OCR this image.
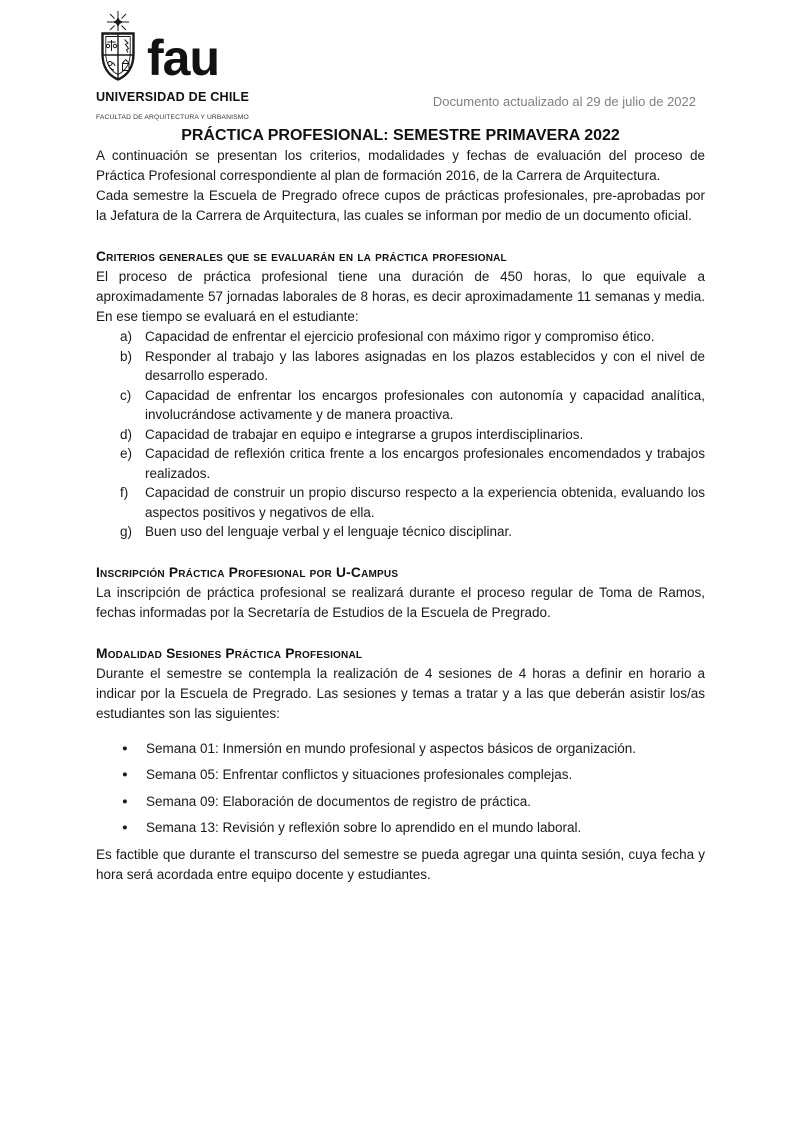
fau
UNIVERSIDAD DE CHILE
FACULTAD DE ARQUITECTURA Y URBANISMO
Documento actualizado al 29 de julio de 2022
PRÁCTICA PROFESIONAL: SEMESTRE PRIMAVERA 2022

A continuación se presentan los criterios, modalidades y fechas de evaluación del proceso de Práctica Profesional correspondiente al plan de formación 2016, de la Carrera de Arquitectura.

Cada semestre la Escuela de Pregrado ofrece cupos de prácticas profesionales, pre-aprobadas por la Jefatura de la Carrera de Arquitectura, las cuales se informan por medio de un documento oficial.

Criterios generales que se evaluarán en la práctica profesional

El proceso de práctica profesional tiene una duración de 450 horas, lo que equivale a aproximadamente 57 jornadas laborales de 8 horas, es decir aproximadamente 11 semanas y media. En ese tiempo se evaluará en el estudiante:

a) Capacidad de enfrentar el ejercicio profesional con máximo rigor y compromiso ético.
b) Responder al trabajo y las labores asignadas en los plazos establecidos y con el nivel de desarrollo esperado.
c)	Capacidad de enfrentar los encargos profesionales con autonomía y capacidad analítica, involucrándose activamente y de manera proactiva.
d) Capacidad de trabajar en equipo e integrarse a grupos interdisciplinarios.
e) Capacidad de reflexión critica frente a los encargos profesionales encomendados y trabajos realizados.
f)	Capacidad de construir un propio discurso respecto a la experiencia obtenida, evaluando los aspectos positivos y negativos de ella.
g) Buen uso del lenguaje verbal y el lenguaje técnico disciplinar.
Inscripción Práctica Profesional por U-Campus

La inscripción de práctica profesional se realizará durante el proceso regular de Toma de Ramos, fechas informadas por la Secretaría de Estudios de la Escuela de Pregrado.

Modalidad Sesiones Práctica Profesional

Durante el semestre se contempla la realización de 4 sesiones de 4 horas a definir en horario a indicar por la Escuela de Pregrado. Las sesiones y temas a tratar y a las que deberán asistir los/as estudiantes son las siguientes:

●	Semana 01: Inmersión en mundo profesional y aspectos básicos de organización.
●	Semana 05: Enfrentar conflictos y situaciones profesionales complejas.
●	Semana 09: Elaboración de documentos de registro de práctica.
●	Semana 13: Revisión y reflexión sobre lo aprendido en el mundo laboral.

Es factible que durante el transcurso del semestre se pueda agregar una quinta sesión, cuya fecha y hora será acordada entre equipo docente y estudiantes.
